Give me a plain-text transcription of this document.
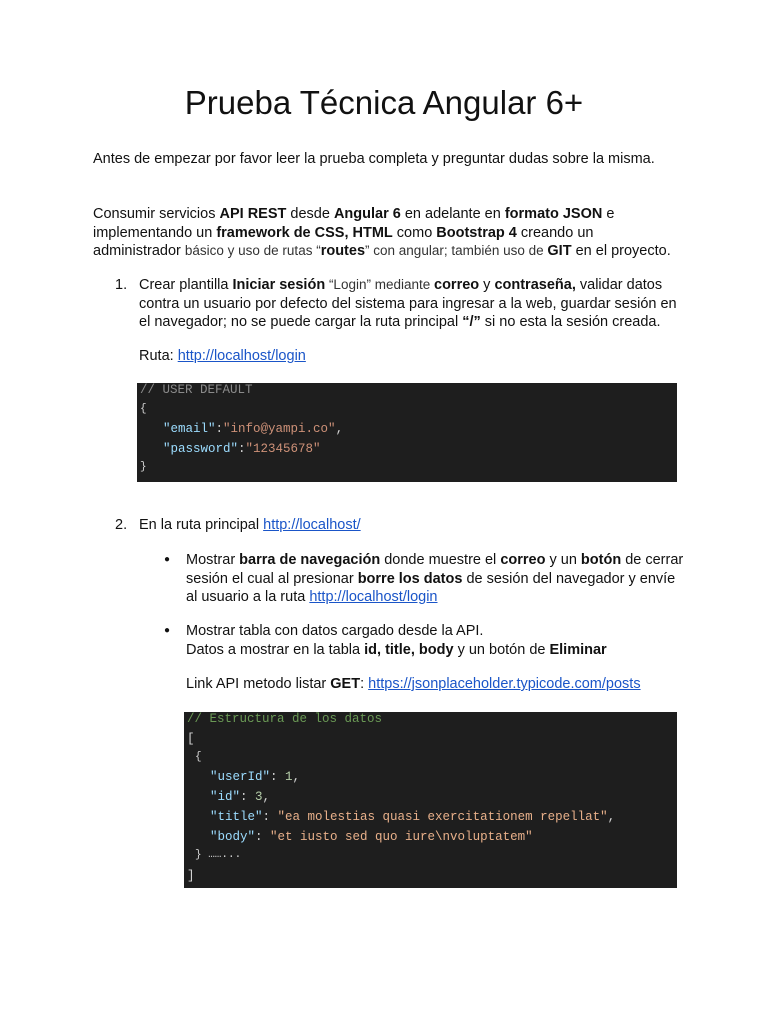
Prueba Técnica Angular 6+

Antes de empezar por favor leer la prueba completa y preguntar dudas sobre la misma.

Consumir servicios API REST desde Angular 6 en adelante en formato JSON e implementando un framework de CSS, HTML como Bootstrap 4 creando un administrador básico y uso de rutas “routes” con angular; también uso de GIT en el proyecto.

1. Crear plantilla Iniciar sesión “Login” mediante correo y contraseña, validar datos contra un usuario por defecto del sistema para ingresar a la web, guardar sesión en el navegador; no se puede cargar la ruta principal “/” si no esta la sesión creada.

Ruta: http://localhost/login

// USER DEFAULT
{
"email":"info@yampi.co",
"password":"12345678"
}
2. En la ruta principal http://localhost/

● Mostrar barra de navegación donde muestre el correo y un botón de cerrar sesión el cual al presionar borre los datos de sesión del navegador y envíe al usuario a la ruta http://localhost/login

● Mostrar tabla con datos cargado desde la API.
Datos a mostrar en la tabla id, title, body y un botón de Eliminar

Link API metodo listar GET: https://jsonplaceholder.typicode.com/posts

// Estructura de los datos
[
{
"userId": 1,
"id": 3,
"title": "ea molestias quasi exercitationem repellat",
"body": "et iusto sed quo iure\nvoluptatem"
} ……...
]
